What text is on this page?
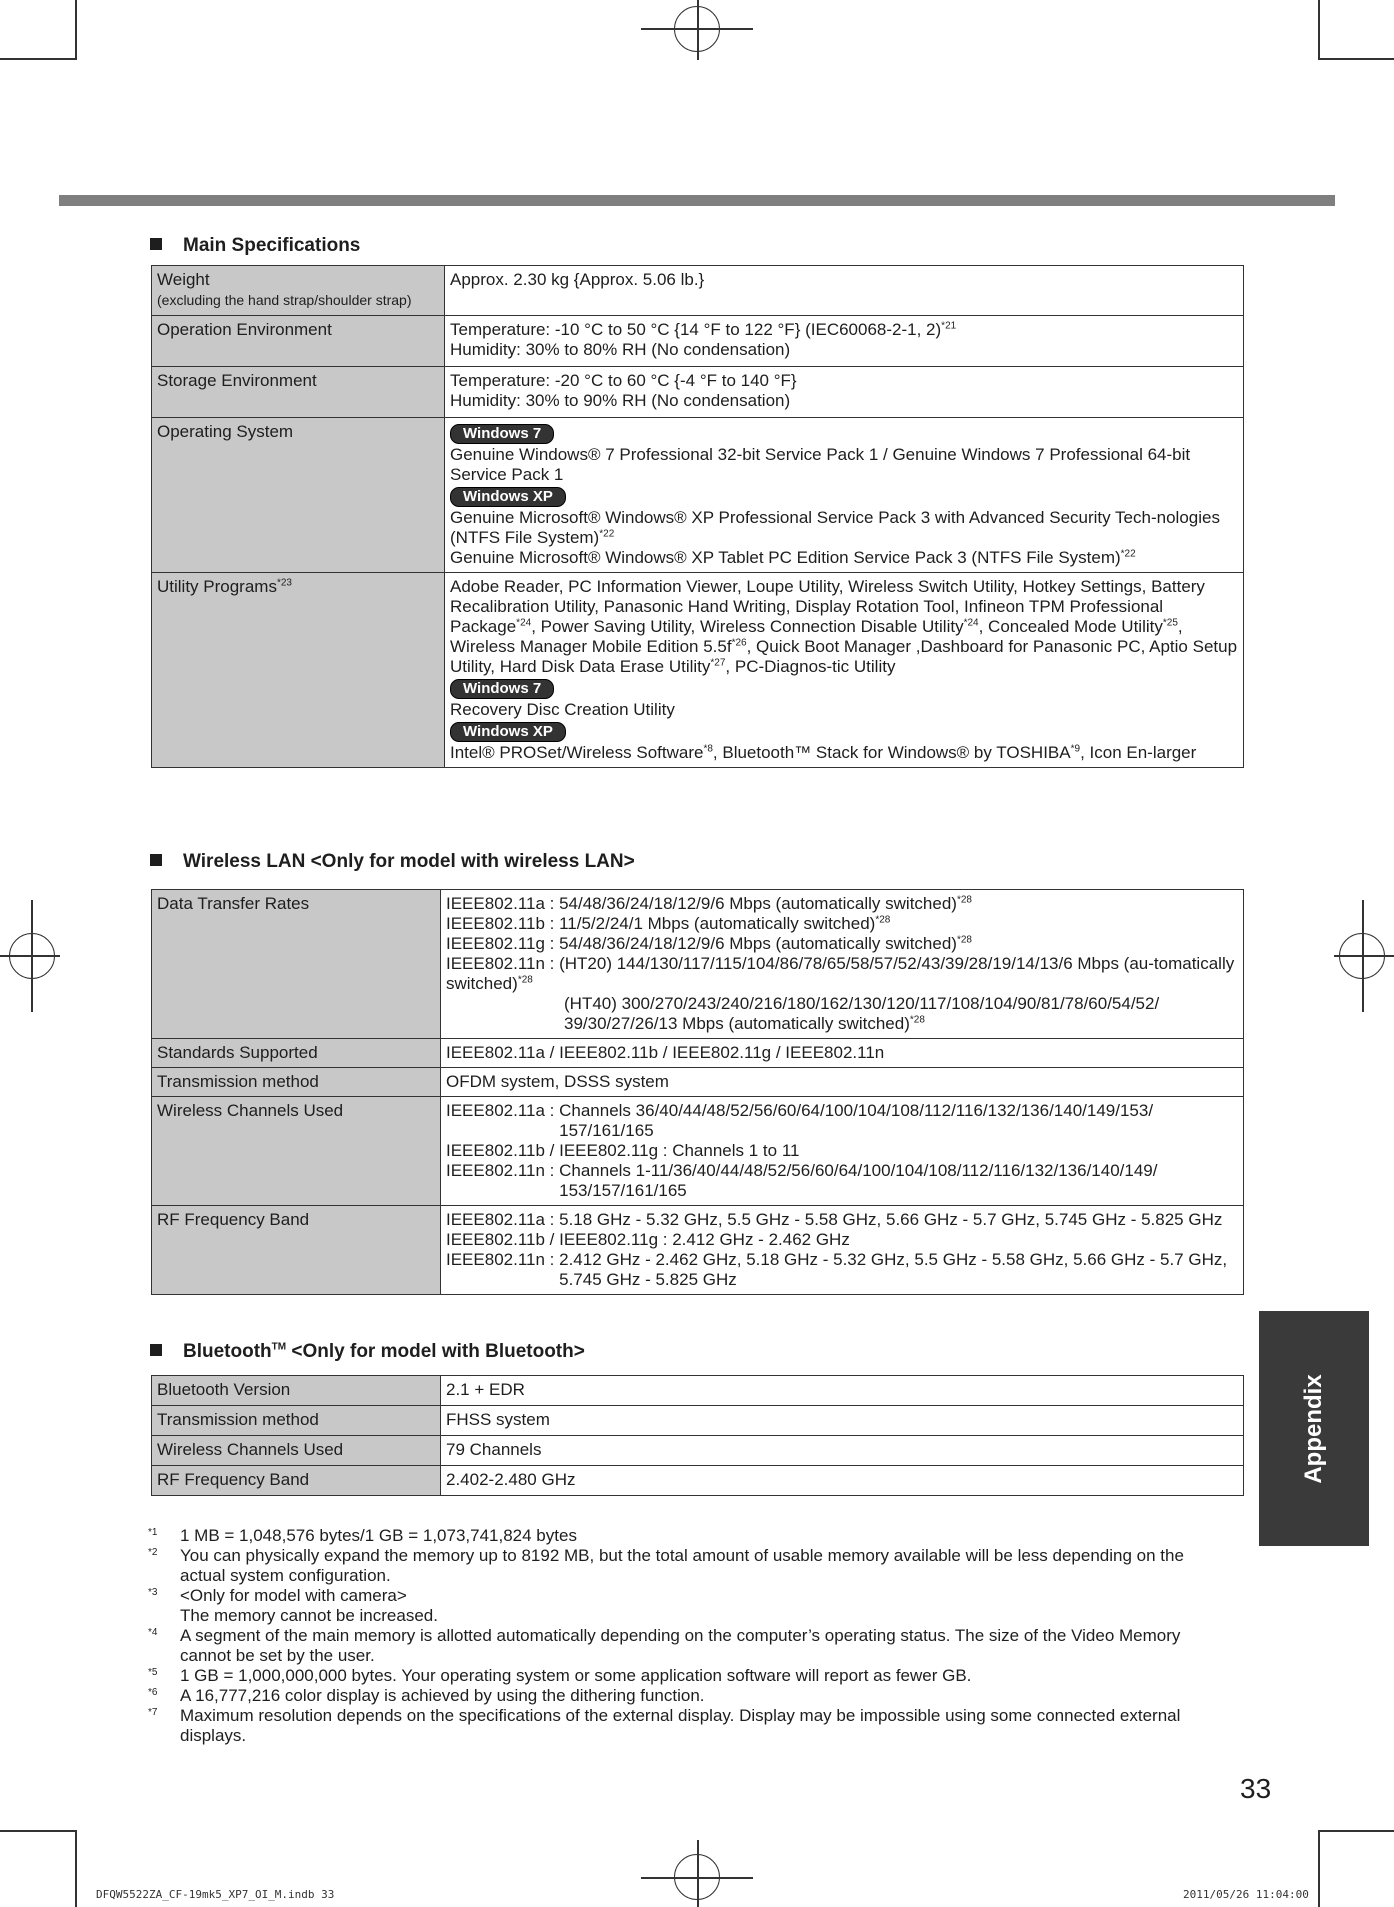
Main Specifications
Weight
(excluding the hand strap/shoulder strap)	Approx. 2.30 kg {Approx. 5.06 lb.}
Operation Environment	Temperature: -10 °C to 50 °C {14 °F to 122 °F} (IEC60068-2-1, 2)$^{*21}$
Humidity: 30% to 80% RH (No condensation)
Storage Environment	Temperature: -20 °C to 60 °C {-4 °F to 140 °F}
Humidity: 30% to 90% RH (No condensation)
Operating System	Windows 7
Genuine Windows® 7 Professional 32-bit Service Pack 1 / Genuine Windows 7 Professional 64-bit Service Pack 1
Windows XP
Genuine Microsoft® Windows® XP Professional Service Pack 3 with Advanced Security Tech-nologies (NTFS File System)$^{*22}$
Genuine Microsoft® Windows® XP Tablet PC Edition Service Pack 3 (NTFS File System)$^{*22}$
Utility Programs$^{*23}$	Adobe Reader, PC Information Viewer, Loupe Utility, Wireless Switch Utility, Hotkey Settings, Battery Recalibration Utility, Panasonic Hand Writing, Display Rotation Tool, Infineon TPM Professional Package$^{*24}$, Power Saving Utility, Wireless Connection Disable Utility$^{*24}$, Concealed Mode Utility$^{*25}$, Wireless Manager Mobile Edition $5.5f^{*26}$, Quick Boot Manager ,Dashboard for Panasonic PC, Aptio Setup Utility, Hard Disk Data Erase Utility$^{*27}$, PC-Diagnos-tic Utility
Windows 7
Recovery Disc Creation Utility
Windows XP
Intel® PROSet/Wireless Software$^{*8}$, Bluetooth™ Stack for Windows® by TOSHIBA$^{*9}$, Icon En-larger
Wireless LAN <Only for model with wireless LAN>
Data Transfer Rates	IEEE802.11a : 54/48/36/24/18/12/9/6 Mbps (automatically switched)$^{*28}$
IEEE802.11b : 11/5/2/24/1 Mbps (automatically switched)$^{*28}$
IEEE802.11g : 54/48/36/24/18/12/9/6 Mbps (automatically switched)$^{*28}$
IEEE802.11n : (HT20) 144/130/117/115/104/86/78/65/58/57/52/43/39/28/19/14/13/6 Mbps (au-tomatically switched)$^{*28}$

(HT40) 300/270/243/240/216/180/162/130/120/117/108/104/90/81/78/60/54/52/ 39/30/27/26/13 Mbps (automatically switched)$^{*28}$

Standards Supported	IEEE802.11a / IEEE802.11b / IEEE802.11g / IEEE802.11n
Transmission method	OFDM system, DSSS system
Wireless Channels Used	IEEE802.11a : Channels 36/40/44/48/52/56/60/64/100/104/108/112/116/132/136/140/149/153/ 157/161/165
IEEE802.11b / IEEE802.11g : Channels 1 to 11
IEEE802.11n : Channels 1-11/36/40/44/48/52/56/60/64/100/104/108/112/116/132/136/140/149/ 153/157/161/165

RF Frequency Band	IEEE802.11a : 5.18 GHz - 5.32 GHz, 5.5 GHz - 5.58 GHz, 5.66 GHz - 5.7 GHz, 5.745 GHz - 5.825 GHz
IEEE802.11b / IEEE802.11g : 2.412 GHz - 2.462 GHz
IEEE802.11n : 2.412 GHz - 2.462 GHz, 5.18 GHz - 5.32 GHz, 5.5 GHz - 5.58 GHz, 5.66 GHz - 5.7 GHz, 5.745 GHz - 5.825 GHz
Bluetooth™ <Only for model with Bluetooth>
Bluetooth Version	2.1 + EDR
Transmission method	FHSS system
Wireless Channels Used	79 Channels
RF Frequency Band	2.402-2.480 GHz	Appendix
*1	1 MB = 1,048,576 bytes/1 GB = 1,073,741,824 bytes
*2	You can physically expand the memory up to 8192 MB, but the total amount of usable memory available will be less depending on the actual system configuration.
*3	<Only for model with camera>
The memory cannot be increased.
*4	A segment of the main memory is allotted automatically depending on the computer’s operating status. The size of the Video Memory cannot be set by the user.
*5	1 GB = 1,000,000,000 bytes. Your operating system or some application software will report as fewer GB.
*6	A 16,777,216 color display is achieved by using the dithering function.
*7	Maximum resolution depends on the specifications of the external display. Display may be impossible using some connected external displays.
33
DFQW5522ZA_CF-19mk5_XP7_OI_M.indb 33	2011/05/26 11:04:00
